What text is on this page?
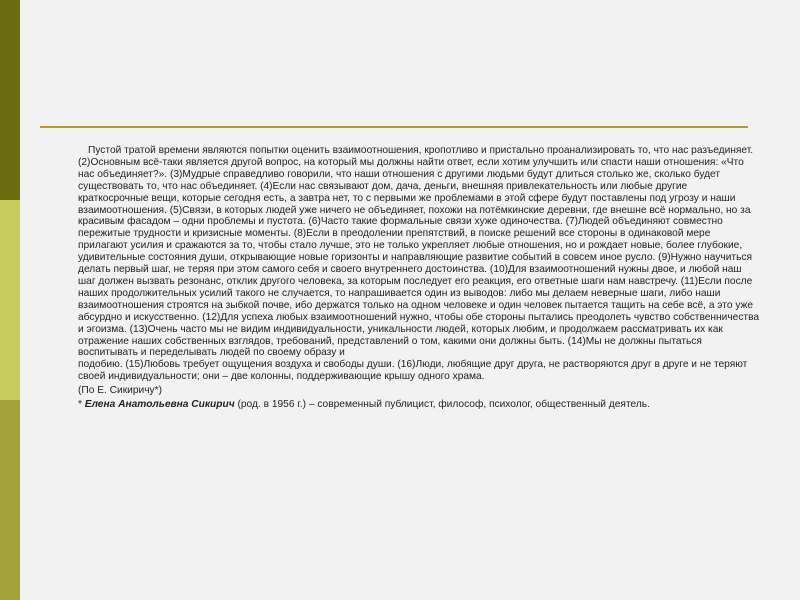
Пустой тратой времени являются попытки оценить взаимоотношения, кропотливо и пристально проанализировать то, что нас разъединяет. (2)Основным всё-таки является другой вопрос, на который мы должны найти ответ, если хотим улучшить или спасти наши отношения: «Что нас объединяет?». (3)Мудрые справедливо говорили, что наши отношения с другими людьми будут длиться столько же, сколько будет существовать то, что нас объединяет. (4)Если нас связывают дом, дача, деньги, внешняя привлекательность или любые другие краткосрочные вещи, которые сегодня есть, а завтра нет, то с первыми же проблемами в этой сфере будут поставлены под угрозу и наши взаимоотношения. (5)Связи, в которых людей уже ничего не объединяет, похожи на потёмкинские деревни, где внешне всё нормально, но за красивым фасадом – одни проблемы и пустота. (6)Часто такие формальные связи хуже одиночества. (7)Людей объединяют совместно пережитые трудности и кризисные моменты. (8)Если в преодолении препятствий, в поиске решений все стороны в одинаковой мере прилагают усилия и сражаются за то, чтобы стало лучше, это не только укрепляет любые отношения, но и рождает новые, более глубокие, удивительные состояния души, открывающие новые горизонты и направляющие развитие событий в совсем иное русло. (9)Нужно научиться делать первый шаг, не теряя при этом самого себя и своего внутреннего достоинства. (10)Для взаимоотношений нужны двое, и любой наш шаг должен вызвать резонанс, отклик другого человека, за которым последует его реакция, его ответные шаги нам навстречу. (11)Если после наших продолжительных усилий такого не случается, то напрашивается один из выводов: либо мы делаем неверные шаги, либо наши взаимоотношения строятся на зыбкой почве, ибо держатся только на одном человеке и один человек пытается тащить на себе всё, а это уже абсурдно и искусственно. (12)Для успеха любых взаимоотношений нужно, чтобы обе стороны пытались преодолеть чувство собственничества и эгоизма. (13)Очень часто мы не видим индивидуальности, уникальности людей, которых любим, и продолжаем рассматривать их как отражение наших собственных взглядов, требований, представлений о том, какими они должны быть. (14)Мы не должны пытаться воспитывать и переделывать людей по своему образу и

подобию. (15)Любовь требует ощущения воздуха и свободы души. (16)Люди, любящие друг друга, не растворяются друг в друге и не теряют своей индивидуальности; они – две колонны, поддерживающие крышу одного храма.

(По Е. Сикиричу*)

* Елена Анатольевна Сикирич (род. в 1956 г.) – современный публицист, философ, психолог, общественный деятель.
